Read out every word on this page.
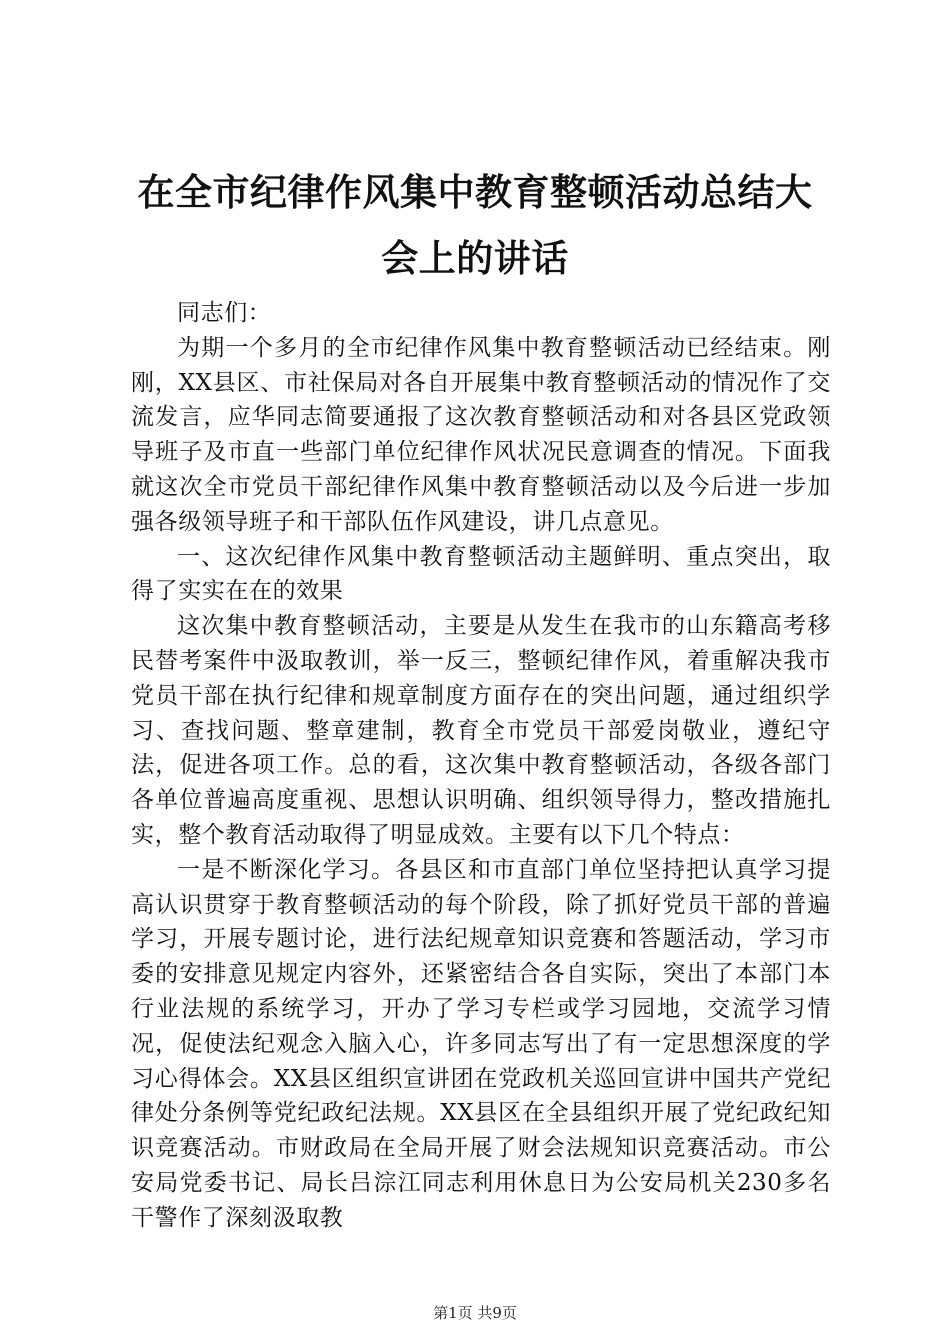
在全市纪律作风集中教育整顿活动总结大会上的讲话

同志们：

为期一个多月的全市纪律作风集中教育整顿活动已经结束。刚刚，XX县区、市社保局对各自开展集中教育整顿活动的情况作了交流发言，应华同志简要通报了这次教育整顿活动和对各县区党政领导班子及市直一些部门单位纪律作风状况民意调查的情况。下面我就这次全市党员干部纪律作风集中教育整顿活动以及今后进一步加强各级领导班子和干部队伍作风建设，讲几点意见。

一、这次纪律作风集中教育整顿活动主题鲜明、重点突出，取得了实实在在的效果

这次集中教育整顿活动，主要是从发生在我市的山东籍高考移民替考案件中汲取教训，举一反三，整顿纪律作风，着重解决我市党员干部在执行纪律和规章制度方面存在的突出问题，通过组织学习、查找问题、整章建制，教育全市党员干部爱岗敬业，遵纪守法，促进各项工作。总的看，这次集中教育整顿活动，各级各部门各单位普遍高度重视、思想认识明确、组织领导得力，整改措施扎实，整个教育活动取得了明显成效。主要有以下几个特点：

一是不断深化学习。各县区和市直部门单位坚持把认真学习提高认识贯穿于教育整顿活动的每个阶段，除了抓好党员干部的普遍学习，开展专题讨论，进行法纪规章知识竞赛和答题活动，学习市委的安排意见规定内容外，还紧密结合各自实际，突出了本部门本行业法规的系统学习，开办了学习专栏或学习园地，交流学习情况，促使法纪观念入脑入心，许多同志写出了有一定思想深度的学习心得体会。XX县区组织宣讲团在党政机关巡回宣讲中国共产党纪律处分条例等党纪政纪法规。XX县区在全县组织开展了党纪政纪知识竞赛活动。市财政局在全局开展了财会法规知识竞赛活动。市公安局党委书记、局长吕淙江同志利用休息日为公安局机关230多名干警作了深刻汲取教

第1页 共9页
